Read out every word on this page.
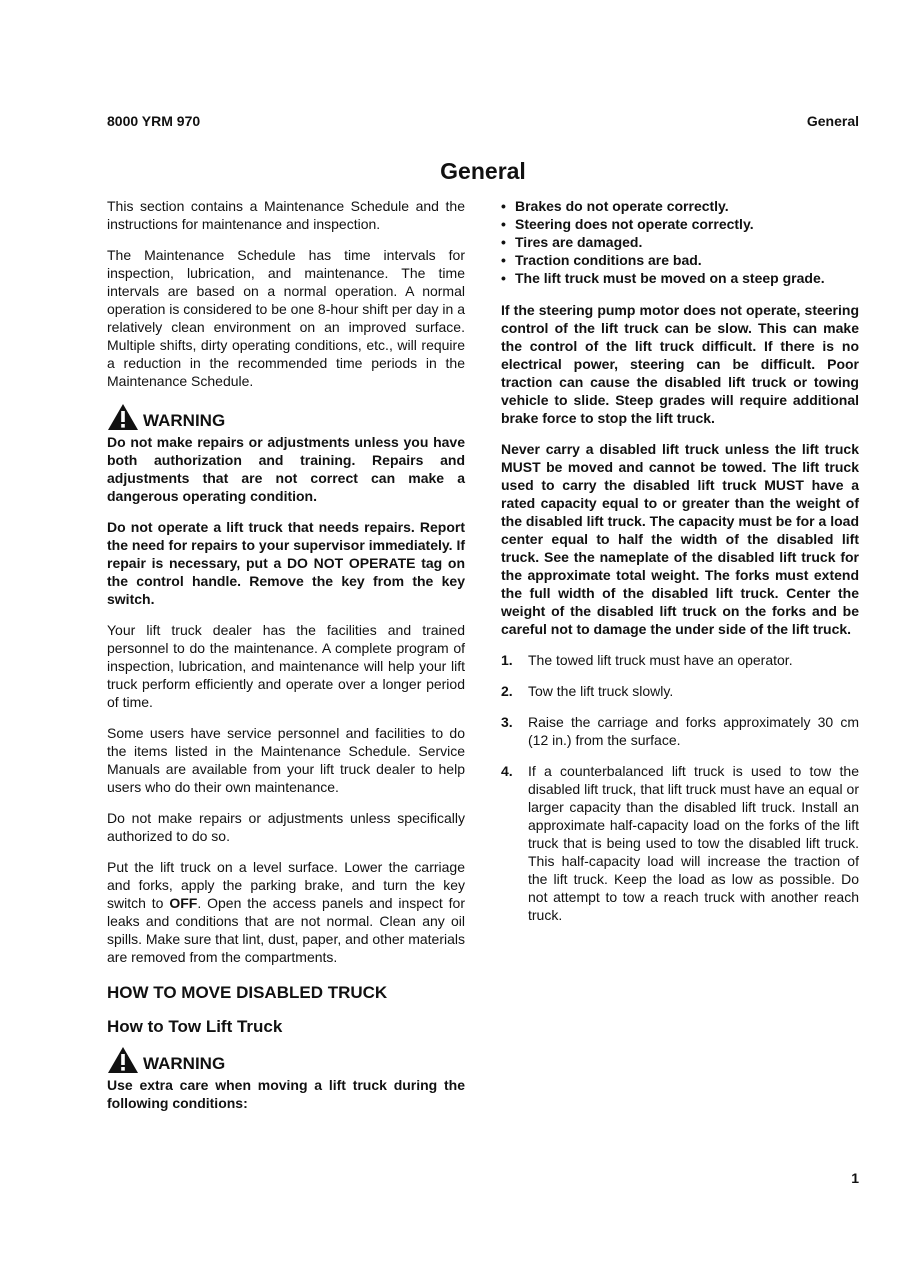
8000 YRM 970	General
General

This section contains a Maintenance Schedule and the instructions for maintenance and inspection.

The Maintenance Schedule has time intervals for inspection, lubrication, and maintenance. The time intervals are based on a normal operation. A normal operation is considered to be one 8-hour shift per day in a relatively clean environment on an improved surface. Multiple shifts, dirty operating conditions, etc., will require a reduction in the recommended time periods in the Maintenance Schedule.

WARNING

Do not make repairs or adjustments unless you have both authorization and training. Repairs and adjustments that are not correct can make a dangerous operating condition.

Do not operate a lift truck that needs repairs. Report the need for repairs to your supervisor immediately. If repair is necessary, put a DO NOT OPERATE tag on the control handle. Remove the key from the key switch.

Your lift truck dealer has the facilities and trained personnel to do the maintenance. A complete program of inspection, lubrication, and maintenance will help your lift truck perform efficiently and operate over a longer period of time.

Some users have service personnel and facilities to do the items listed in the Maintenance Schedule. Service Manuals are available from your lift truck dealer to help users who do their own maintenance.

Do not make repairs or adjustments unless specifically authorized to do so.

Put the lift truck on a level surface. Lower the carriage and forks, apply the parking brake, and turn the key switch to OFF. Open the access panels and inspect for leaks and conditions that are not normal. Clean any oil spills. Make sure that lint, dust, paper, and other materials are removed from the compartments.

HOW TO MOVE DISABLED TRUCK
How to Tow Lift Truck
WARNING

Use extra care when moving a lift truck during the following conditions:

• Brakes do not operate correctly.
• Steering does not operate correctly.
• Tires are damaged.
• Traction conditions are bad.
• The lift truck must be moved on a steep grade.

If the steering pump motor does not operate, steering control of the lift truck can be slow. This can make the control of the lift truck difficult. If there is no electrical power, steering can be difficult. Poor traction can cause the disabled lift truck or towing vehicle to slide. Steep grades will require additional brake force to stop the lift truck.

Never carry a disabled lift truck unless the lift truck MUST be moved and cannot be towed. The lift truck used to carry the disabled lift truck MUST have a rated capacity equal to or greater than the weight of the disabled lift truck. The capacity must be for a load center equal to half the width of the disabled lift truck. See the nameplate of the disabled lift truck for the approximate total weight. The forks must extend the full width of the disabled lift truck. Center the weight of the disabled lift truck on the forks and be careful not to damage the under side of the lift truck.

1.	The towed lift truck must have an operator.
2.	Tow the lift truck slowly.
3.	Raise the carriage and forks approximately 30 cm (12 in.) from the surface.
4.	If a counterbalanced lift truck is used to tow the disabled lift truck, that lift truck must have an equal or larger capacity than the disabled lift truck. Install an approximate half-capacity load on the forks of the lift truck that is being used to tow the disabled lift truck. This half-capacity load will increase the traction of the lift truck. Keep the load as low as possible. Do not attempt to tow a reach truck with another reach truck.
1
